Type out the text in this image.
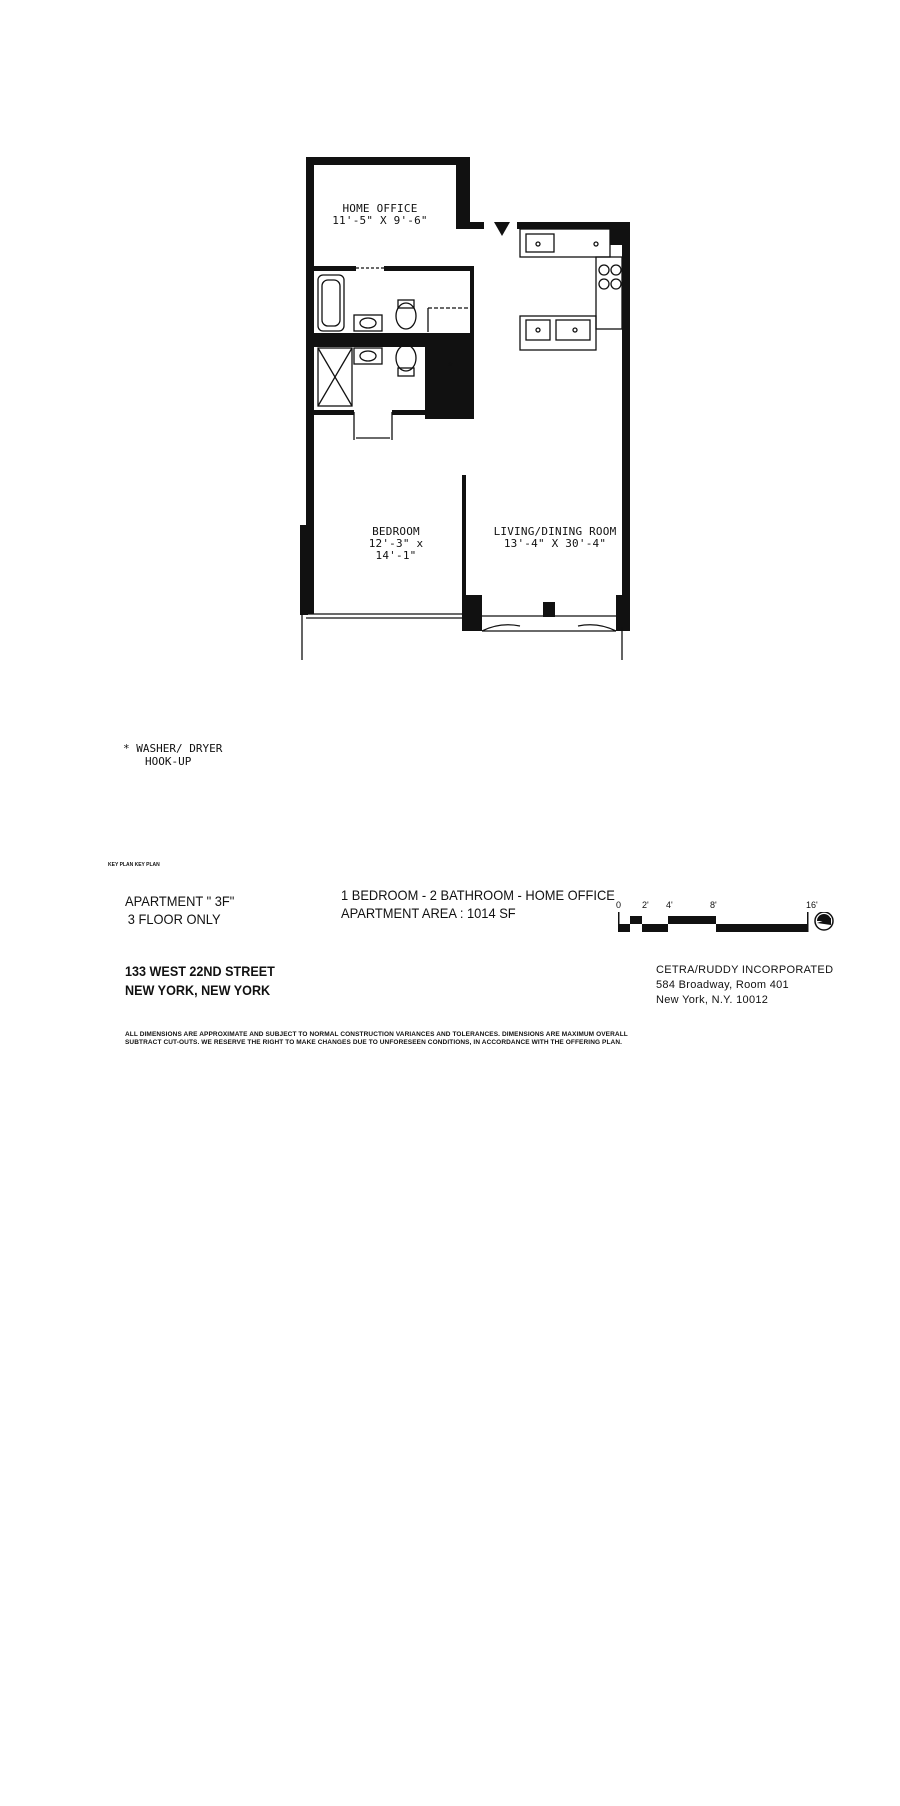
HOME OFFICE
11'-5" X 9'-6"
BEDROOM
12'-3" x 14'-1"
LIVING/DINING ROOM
13'-4" X 30'-4"
*
* WASHER/ DRYER
HOOK-UP
KEY PLAN KEY PLAN
APARTMENT " 3F"
3 FLOOR ONLY
1 BEDROOM - 2 BATHROOM - HOME OFFICE
APARTMENT AREA : 1014 SF	0 2' 4'	8'	16'
133 WEST 22ND STREET
NEW YORK, NEW YORK
CETRA/RUDDY INCORPORATED
584 Broadway, Room 401
New York, N.Y. 10012
ALL DIMENSIONS ARE APPROXIMATE AND SUBJECT TO NORMAL CONSTRUCTION VARIANCES AND TOLERANCES. DIMENSIONS ARE MAXIMUM OVERALL
SUBTRACT CUT-OUTS. WE RESERVE THE RIGHT TO MAKE CHANGES DUE TO UNFORESEEN CONDITIONS, IN ACCORDANCE WITH THE OFFERING PLAN.
